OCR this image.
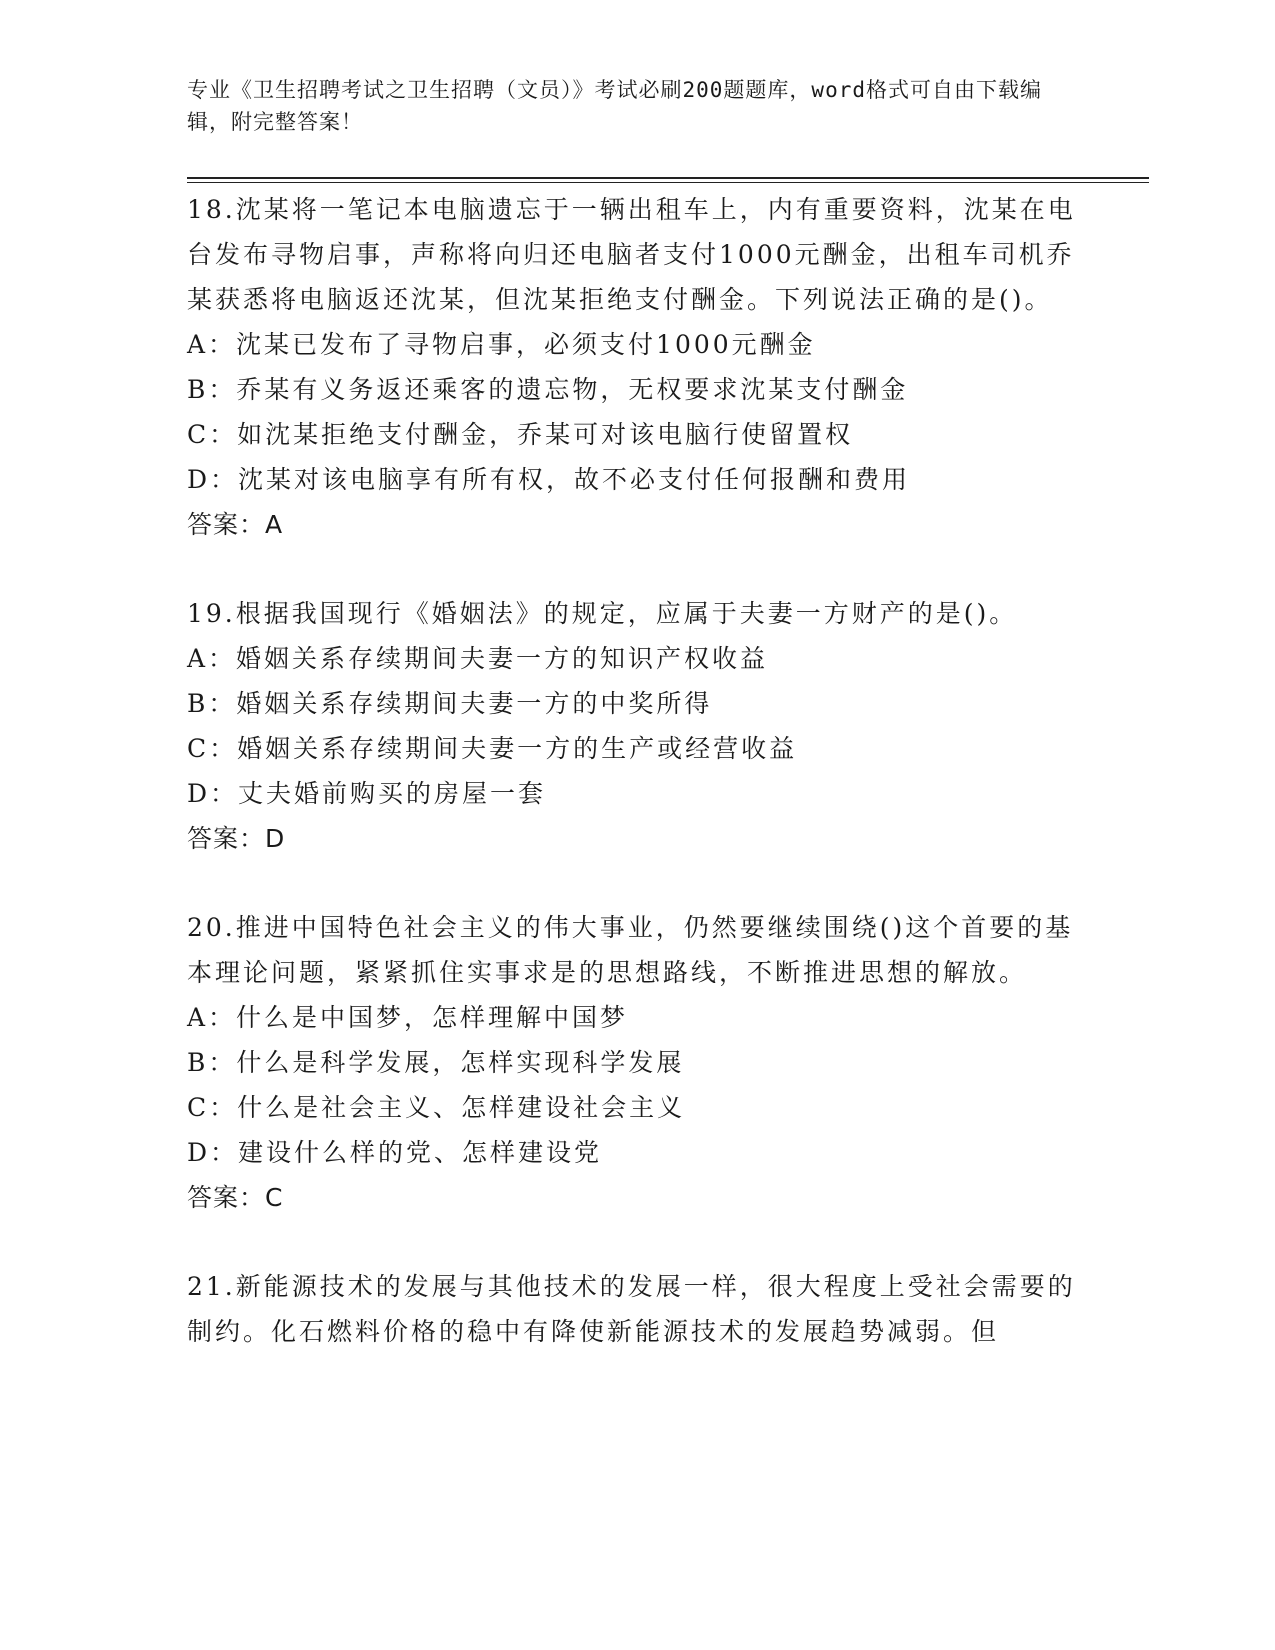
专业《卫生招聘考试之卫生招聘（文员）》考试必刷200题题库，word格式可自由下载编辑，附完整答案！
18.沈某将一笔记本电脑遗忘于一辆出租车上，内有重要资料，沈某在电台发布寻物启事，声称将向归还电脑者支付1000元酬金，出租车司机乔某获悉将电脑返还沈某，但沈某拒绝支付酬金。下列说法正确的是()。
A：沈某已发布了寻物启事，必须支付1000元酬金
B：乔某有义务返还乘客的遗忘物，无权要求沈某支付酬金
C：如沈某拒绝支付酬金，乔某可对该电脑行使留置权
D：沈某对该电脑享有所有权，故不必支付任何报酬和费用
答案：A
19.根据我国现行《婚姻法》的规定，应属于夫妻一方财产的是()。
A：婚姻关系存续期间夫妻一方的知识产权收益
B：婚姻关系存续期间夫妻一方的中奖所得
C：婚姻关系存续期间夫妻一方的生产或经营收益
D：丈夫婚前购买的房屋一套
答案：D
20.推进中国特色社会主义的伟大事业，仍然要继续围绕()这个首要的基本理论问题，紧紧抓住实事求是的思想路线，不断推进思想的解放。
A：什么是中国梦，怎样理解中国梦
B：什么是科学发展，怎样实现科学发展
C：什么是社会主义、怎样建设社会主义
D：建设什么样的党、怎样建设党
答案：C
21.新能源技术的发展与其他技术的发展一样，很大程度上受社会需要的制约。化石燃料价格的稳中有降使新能源技术的发展趋势减弱。但
